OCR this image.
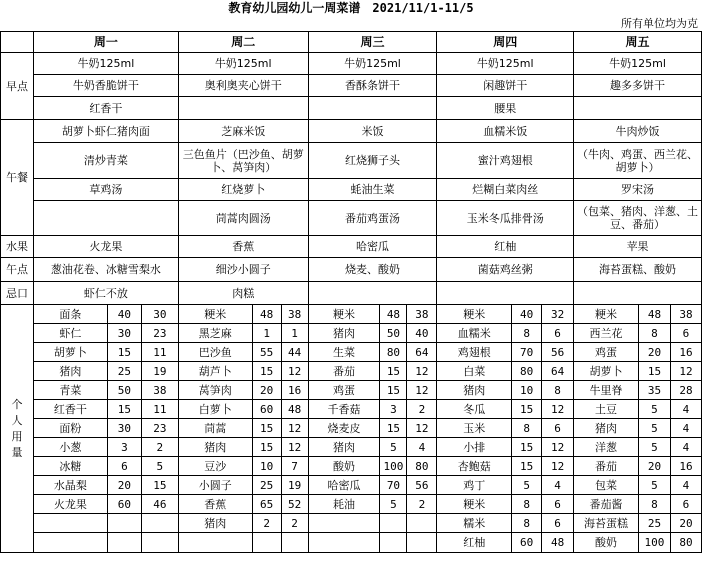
教育幼儿园幼儿一周菜谱 2021/11/1-11/5
所有单位均为克
	周一			周二			周三			周四			周五		
早点	牛奶125ml			牛奶125ml			牛奶125ml			牛奶125ml			牛奶125ml		
	牛奶香脆饼干			奥利奥夹心饼干			香酥条饼干			闲趣饼干			趣多多饼干		
	红香干									腰果					
午餐	胡萝卜虾仁猪肉面			芝麻米饭			米饭			血糯米饭			牛肉炒饭		
	清炒青菜			三色鱼片（巴沙鱼、胡萝卜、莴笋肉）			红烧狮子头			蜜汁鸡翅根			（牛肉、鸡蛋、西兰花、胡萝卜）		
	草鸡汤			红烧萝卜			蚝油生菜			烂糊白菜肉丝			罗宋汤		
				茼蒿肉圆汤			番茄鸡蛋汤			玉米冬瓜排骨汤			（包菜、猪肉、洋葱、土豆、番茄）		
水果	火龙果			香蕉			哈密瓜			红柚			苹果		
午点	葱油花卷、冰糖雪梨水			细沙小圆子			烧麦、酸奶			菌菇鸡丝粥			海苔蛋糕、酸奶		
忌口	虾仁不放			肉糕											
个人用量	面条	40	30	粳米	48	38	粳米	48	38	粳米	40	32	粳米	48	38
	虾仁	30	23	黑芝麻	1	1	猪肉	50	40	血糯米	8	6	西兰花	8	6
	胡萝卜	15	11	巴沙鱼	55	44	生菜	80	64	鸡翅根	70	56	鸡蛋	20	16
	猪肉	25	19	葫芦卜	15	12	番茄	15	12	白菜	80	64	胡萝卜	15	12
	青菜	50	38	莴笋肉	20	16	鸡蛋	15	12	猪肉	10	8	牛里脊	35	28
	红香干	15	11	白萝卜	60	48	千香菇	3	2	冬瓜	15	12	土豆	5	4
	面粉	30	23	茼蒿	15	12	烧麦皮	15	12	玉米	8	6	猪肉	5	4
	小葱	3	2	猪肉	15	12	猪肉	5	4	小排	15	12	洋葱	5	4
	冰糖	6	5	豆沙	10	7	酸奶	100	80	杏鲍菇	15	12	番茄	20	16
	水晶梨	20	15	小圆子	25	19	哈密瓜	70	56	鸡丁	5	4	包菜	5	4
	火龙果	60	46	香蕉	65	52	耗油	5	2	粳米	8	6	番茄酱	8	6
				猪肉	2	2				糯米	8	6	海苔蛋糕	25	20
										红柚	60	48	酸奶	100	80
